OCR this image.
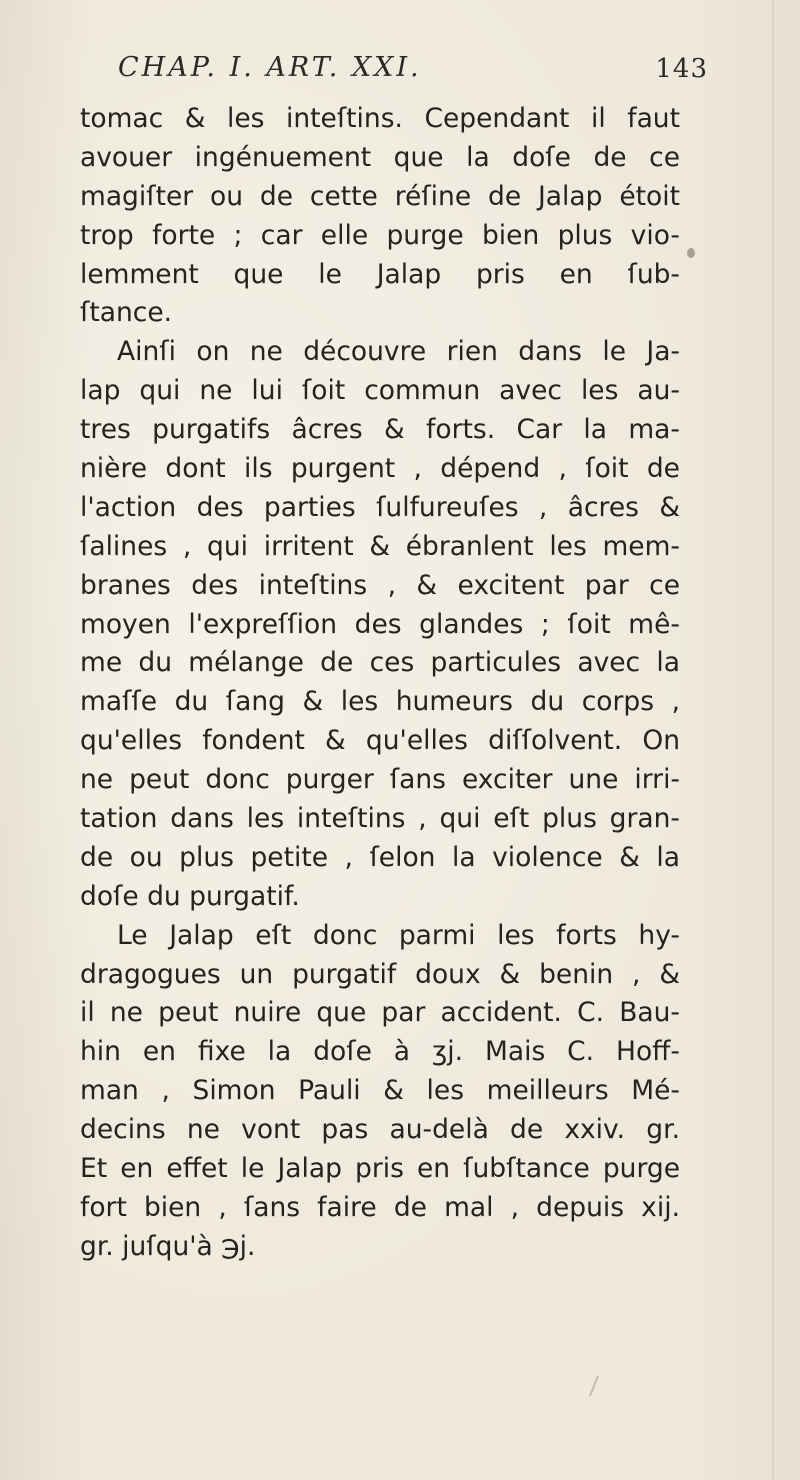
CHAP. I. ART. XXI.	143
tomac & les inteſtins. Cependant il faut
avouer ingénuement que la doſe de ce
magiſter ou de cette réſine de Jalap étoit
trop forte ; car elle purge bien plus vio-
lemment que le Jalap pris en ſub-
ſtance.
Ainſi on ne découvre rien dans le Ja-
lap qui ne lui ſoit commun avec les au-
tres purgatifs âcres & forts. Car la ma-
nière dont ils purgent , dépend , ſoit de
l'action des parties ſulfureuſes , âcres &
ſalines , qui irritent & ébranlent les mem-
branes des inteſtins , & excitent par ce
moyen l'expreſſion des glandes ; ſoit mê-
me du mélange de ces particules avec la
maſſe du ſang & les humeurs du corps ,
qu'elles fondent & qu'elles diſſolvent. On
ne peut donc purger ſans exciter une irri-
tation dans les inteſtins , qui eſt plus gran-
de ou plus petite , ſelon la violence & la
doſe du purgatif.
Le Jalap eſt donc parmi les forts hy-
dragogues un purgatif doux & benin , &
il ne peut nuire que par accident. C. Bau-
hin en fixe la doſe à ʒj. Mais C. Hoff-
man , Simon Pauli & les meilleurs Mé-
decins ne vont pas au-delà de xxiv. gr.
Et en effet le Jalap pris en ſubſtance purge
fort bien , ſans faire de mal , depuis xij.
gr. juſqu'à ℈j.
